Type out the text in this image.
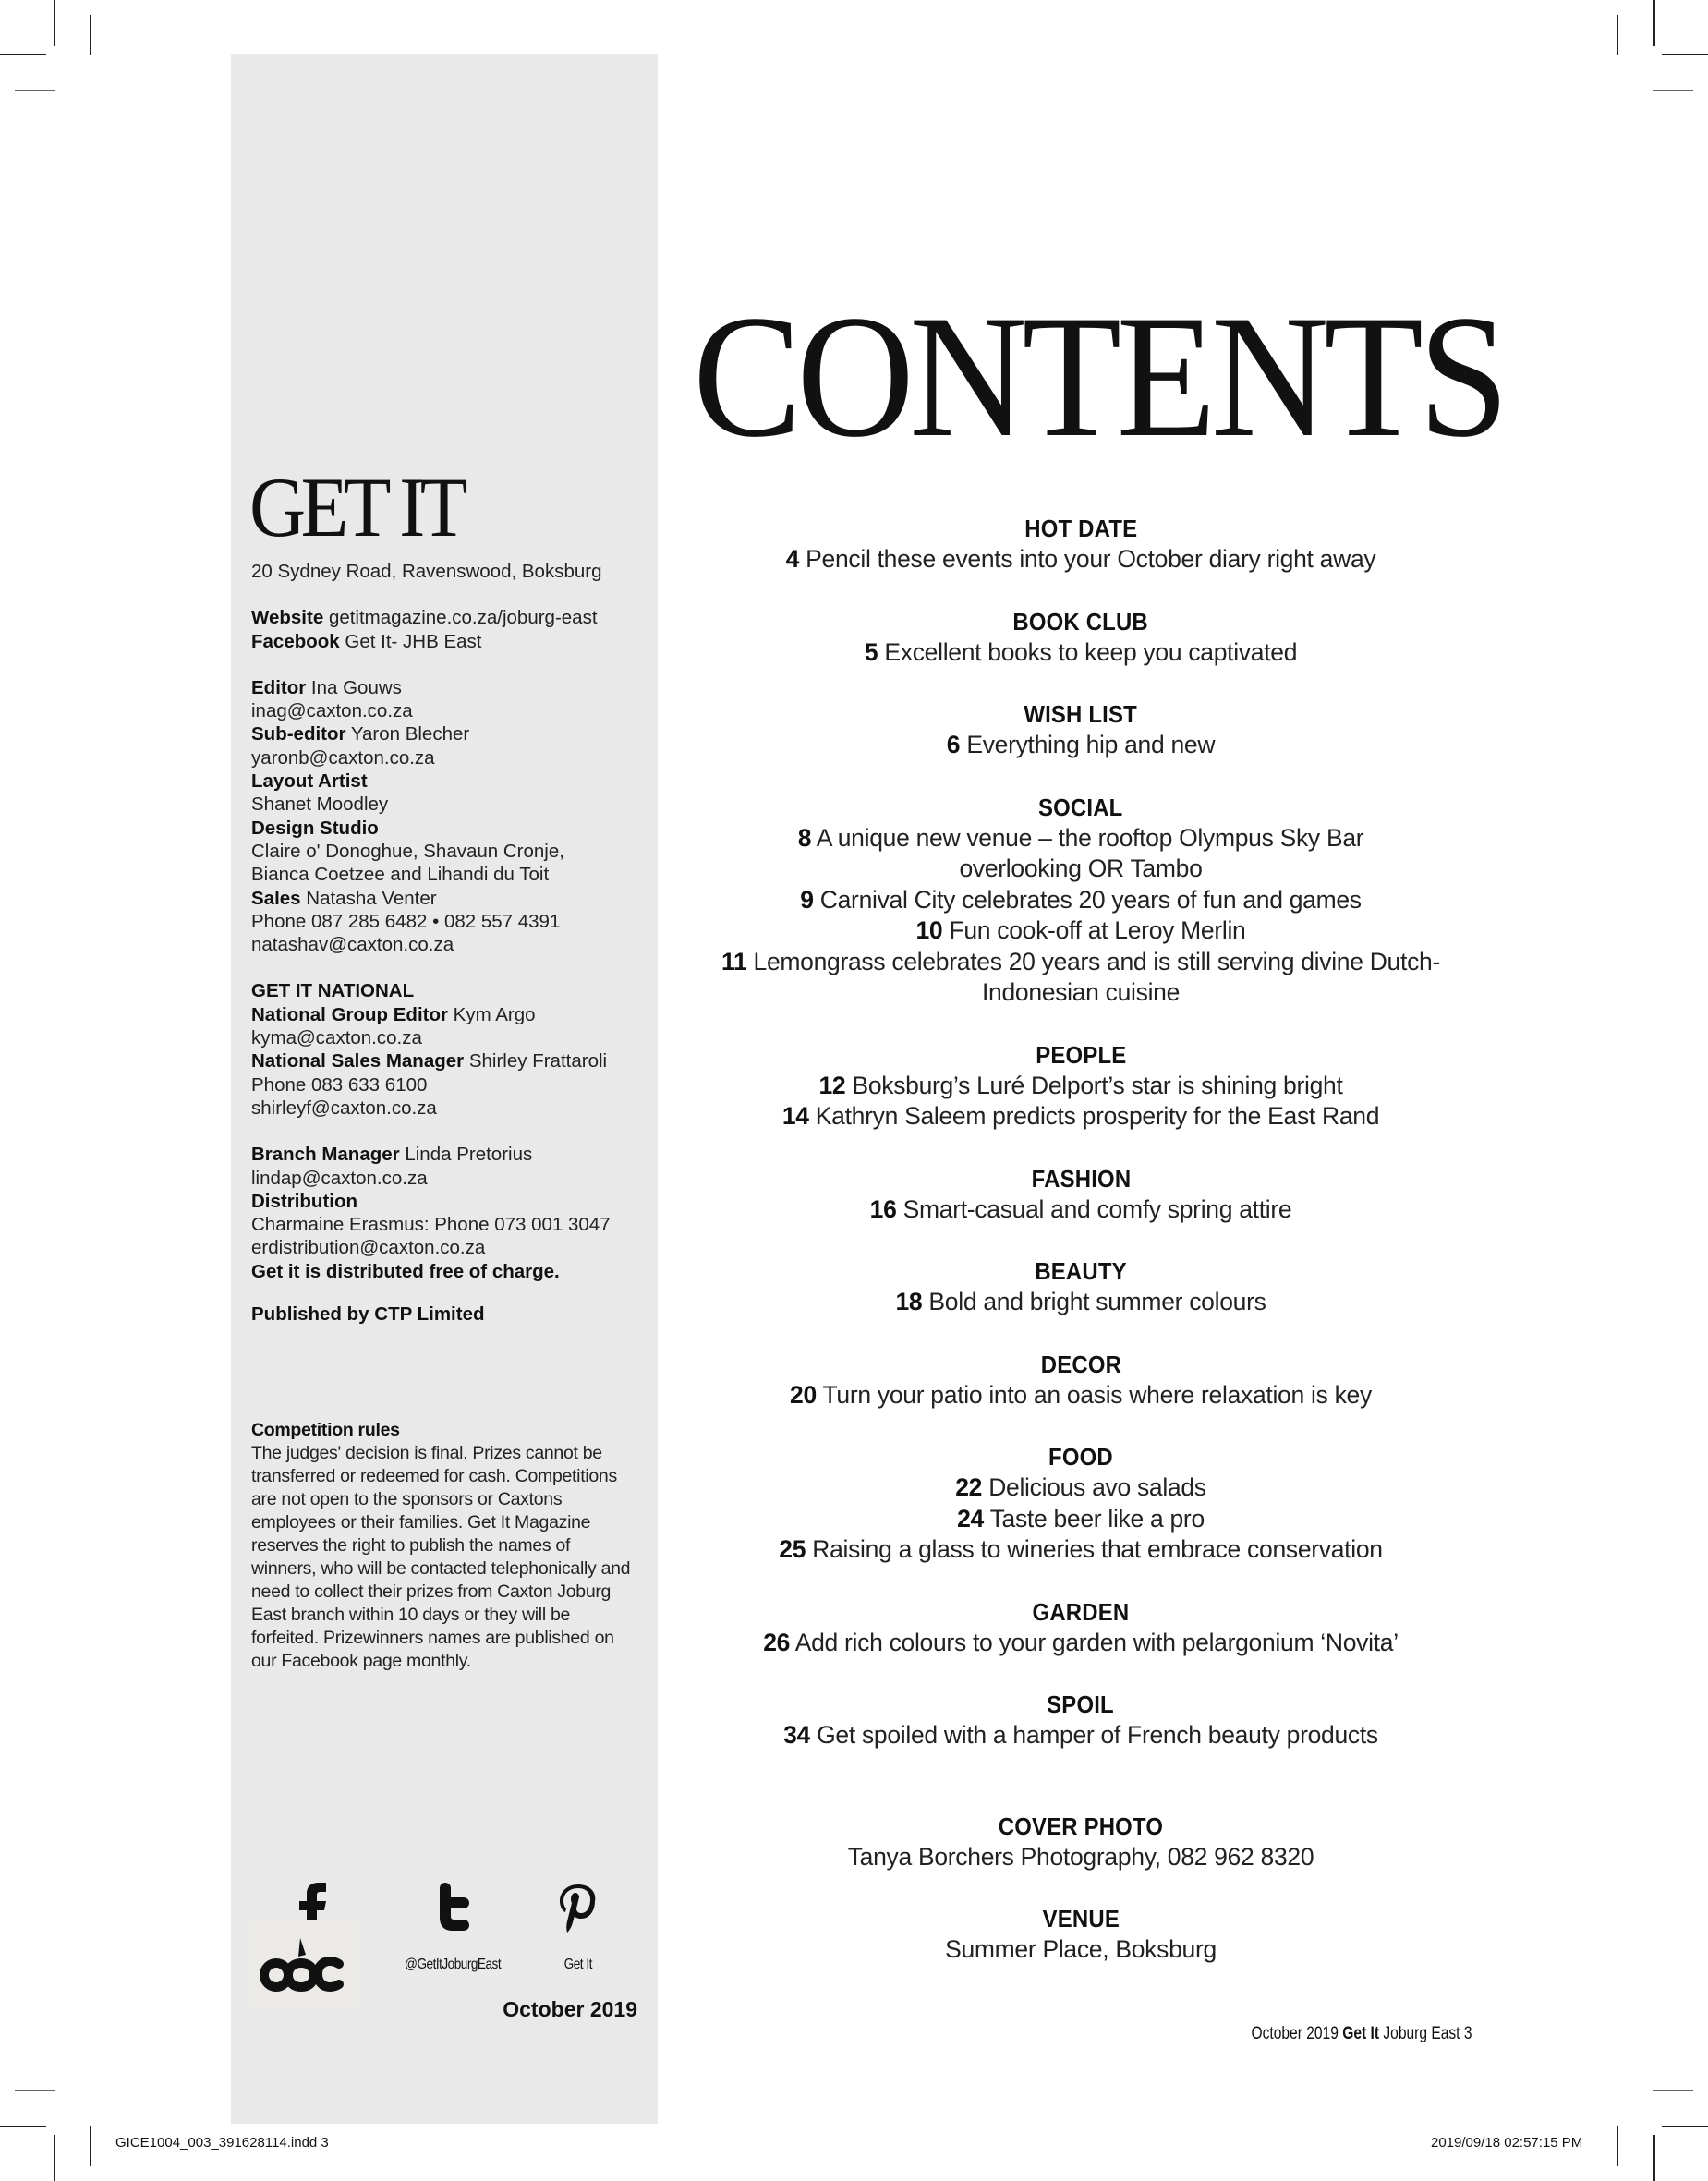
GET IT
20 Sydney Road, Ravenswood, Boksburg
Website getitmagazine.co.za/joburg-east
Facebook Get It- JHB East
Editor Ina Gouws
inag@caxton.co.za
Sub-editor Yaron Blecher
yaronb@caxton.co.za
Layout Artist
Shanet Moodley
Design Studio
Claire o' Donoghue, Shavaun Cronje,
Bianca Coetzee and Lihandi du Toit
Sales Natasha Venter
Phone 087 285 6482 • 082 557 4391
natashav@caxton.co.za
GET IT NATIONAL
National Group Editor Kym Argo
kyma@caxton.co.za
National Sales Manager Shirley Frattaroli
Phone 083 633 6100
shirleyf@caxton.co.za
Branch Manager Linda Pretorius
lindap@caxton.co.za
Distribution
Charmaine Erasmus: Phone 073 001 3047
erdistribution@caxton.co.za
Get it is distributed free of charge.
Published by CTP Limited
Competition rules
The judges' decision is final. Prizes cannot be transferred or redeemed for cash. Competitions are not open to the sponsors or Caxtons employees or their families. Get It Magazine reserves the right to publish the names of winners, who will be contacted telephonically and need to collect their prizes from Caxton Joburg East branch within 10 days or they will be forfeited. Prizewinners names are published on our Facebook page monthly.
@GetItJoburgEast	Get It
October 2019
CONTENTS
HOT DATE
4 Pencil these events into your October diary right away
BOOK CLUB
5 Excellent books to keep you captivated
WISH LIST
6 Everything hip and new
SOCIAL
8 A unique new venue – the rooftop Olympus Sky Bar overlooking OR Tambo
9 Carnival City celebrates 20 years of fun and games
10 Fun cook-off at Leroy Merlin
11 Lemongrass celebrates 20 years and is still serving divine Dutch-Indonesian cuisine
PEOPLE
12 Boksburg’s Luré Delport’s star is shining bright
14 Kathryn Saleem predicts prosperity for the East Rand
FASHION
16 Smart-casual and comfy spring attire
BEAUTY
18 Bold and bright summer colours
DECOR
20 Turn your patio into an oasis where relaxation is key
FOOD
22 Delicious avo salads
24 Taste beer like a pro
25 Raising a glass to wineries that embrace conservation
GARDEN
26 Add rich colours to your garden with pelargonium ‘Novita’
SPOIL
34 Get spoiled with a hamper of French beauty products
COVER PHOTO
Tanya Borchers Photography, 082 962 8320
VENUE
Summer Place, Boksburg
October 2019 Get It Joburg East 3
GICE1004_003_391628114.indd 3	2019/09/18 02:57:15 PM
